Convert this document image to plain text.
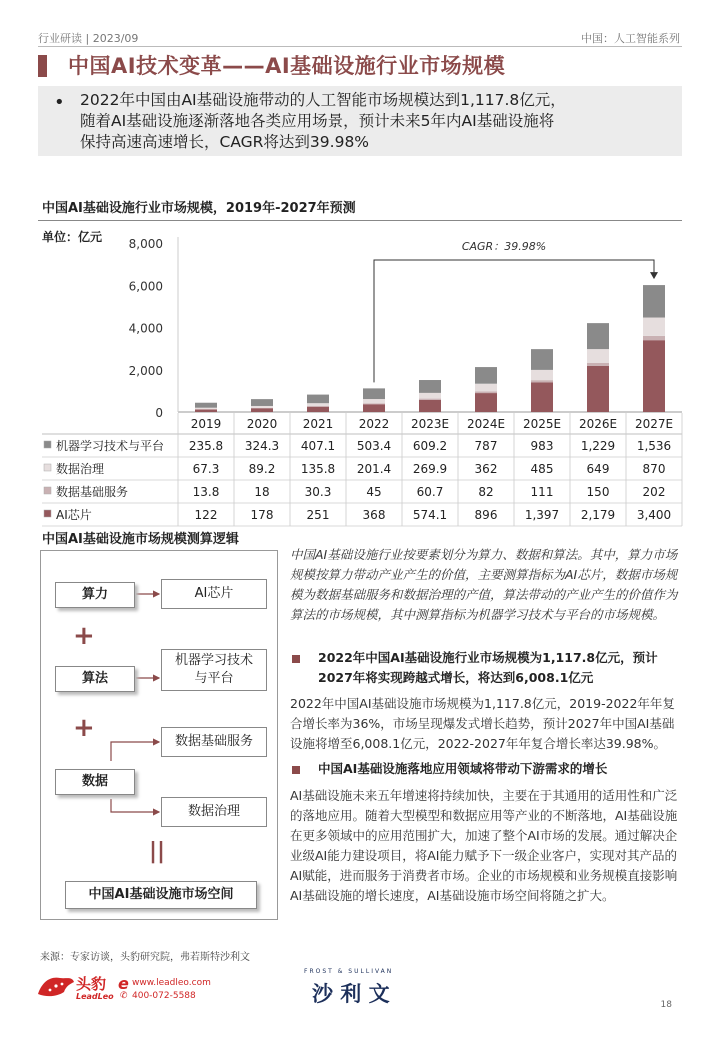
行业研读 | 2023/09	中国：人工智能系列
中国AI技术变革——AI基础设施行业市场规模
• 2022年中国由AI基础设施带动的人工智能市场规模达到1,117.8亿元，
随着AI基础设施逐渐落地各类应用场景，预计未来5年内AI基础设施将
保持高速高速增长，CAGR将达到39.98%
中国AI基础设施行业市场规模，2019年-2027年预测
单位：亿元
0
2,000
4,000
6,000
8,000
2019 2020 2021 2022 2023E 2024E 2025E 2026E 2027E
机器学习技术与平台 235.8 324.3 407.1 503.4 609.2 787	983 1,229 1,536
数据治理	67.3 89.2 135.8 201.4 269.9 362	485	649	870
数据基础服务	13.8	18	30.3	45	60.7	82	111	150	202
AI芯片	122	178	251	368 574.1 896 1,397 2,179 3,400
CAGR：39.98%
中国AI基础设施市场规模测算逻辑
算力	AI芯片
+
算法
机器学习技术
与平台
+
数据
数据基础服务
数据治理
||
中国AI基础设施市场空间
中国AI基础设施行业按要素划分为算力、数据和算法。其中，算力市场规模按算力带动产业产生的价值，主要测算指标为AI芯片，数据市场规模为数据基础服务和数据治理的产值，算法带动的产业产生的价值作为算法的市场规模，其中测算指标为机器学习技术与平台的市场规模。
2022年中国AI基础设施行业市场规模为1,117.8亿元，预计2027年将实现跨越式增长，将达到6,008.1亿元
2022年中国AI基础设施市场规模为1,117.8亿元，2019-2022年年复合增长率为36%，市场呈现爆发式增长趋势，预计2027年中国AI基础设施将增至6,008.1亿元，2022-2027年年复合增长率达39.98%。
中国AI基础设施落地应用领域将带动下游需求的增长
AI基础设施未来五年增速将持续加快，主要在于其通用的适用性和广泛的落地应用。随着大型模型和数据应用等产业的不断落地，AI基础设施在更多领域中的应用范围扩大，加速了整个AI市场的发展。通过解决企业级AI能力建设项目，将AI能力赋予下一级企业客户，实现对其产品的AI赋能，进而服务于消费者市场。企业的市场规模和业务规模直接影响AI基础设施的增长速度，AI基础设施市场空间将随之扩大。
来源：专家访谈，头豹研究院，弗若斯特沙利文
头豹
LeadLeo
e www.leadleo.com
✆ 400-072-5588
FROST & SULLIVAN
沙 利 文	18
